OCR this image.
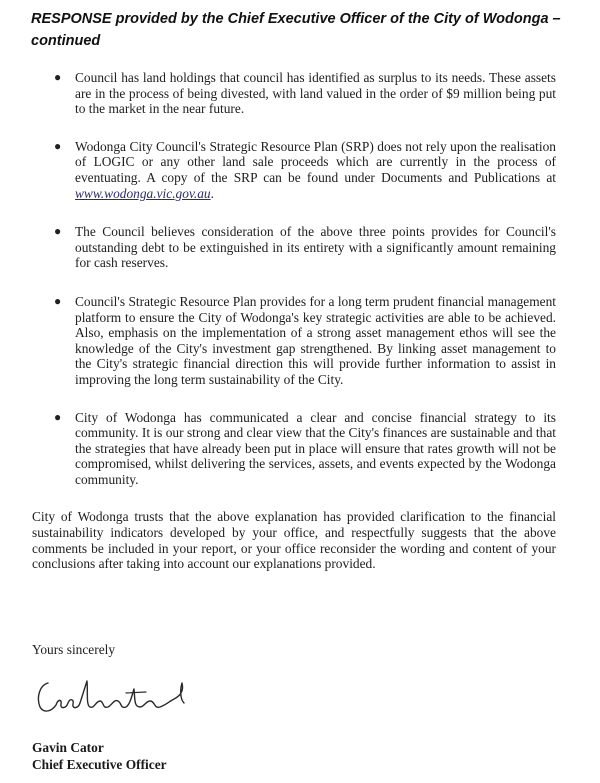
RESPONSE provided by the Chief Executive Officer of the City of Wodonga –
continued
● Council has land holdings that council has identified as surplus to its needs. These assets are in the process of being divested, with land valued in the order of $9 million being put to the market in the near future.
● Wodonga City Council's Strategic Resource Plan (SRP) does not rely upon the realisation of LOGIC or any other land sale proceeds which are currently in the process of eventuating. A copy of the SRP can be found under Documents and Publications at www.wodonga.vic.gov.au.
● The Council believes consideration of the above three points provides for Council's outstanding debt to be extinguished in its entirety with a significantly amount remaining for cash reserves.
● Council's Strategic Resource Plan provides for a long term prudent financial management platform to ensure the City of Wodonga's key strategic activities are able to be achieved. Also, emphasis on the implementation of a strong asset management ethos will see the knowledge of the City's investment gap strengthened. By linking asset management to the City's strategic financial direction this will provide further information to assist in improving the long term sustainability of the City.
● City of Wodonga has communicated a clear and concise financial strategy to its community. It is our strong and clear view that the City's finances are sustainable and that the strategies that have already been put in place will ensure that rates growth will not be compromised, whilst delivering the services, assets, and events expected by the Wodonga community.

City of Wodonga trusts that the above explanation has provided clarification to the financial sustainability indicators developed by your office, and respectfully suggests that the above comments be included in your report, or your office reconsider the wording and content of your conclusions after taking into account our explanations provided.

Yours sincerely
Gavin Cator
Chief Executive Officer
